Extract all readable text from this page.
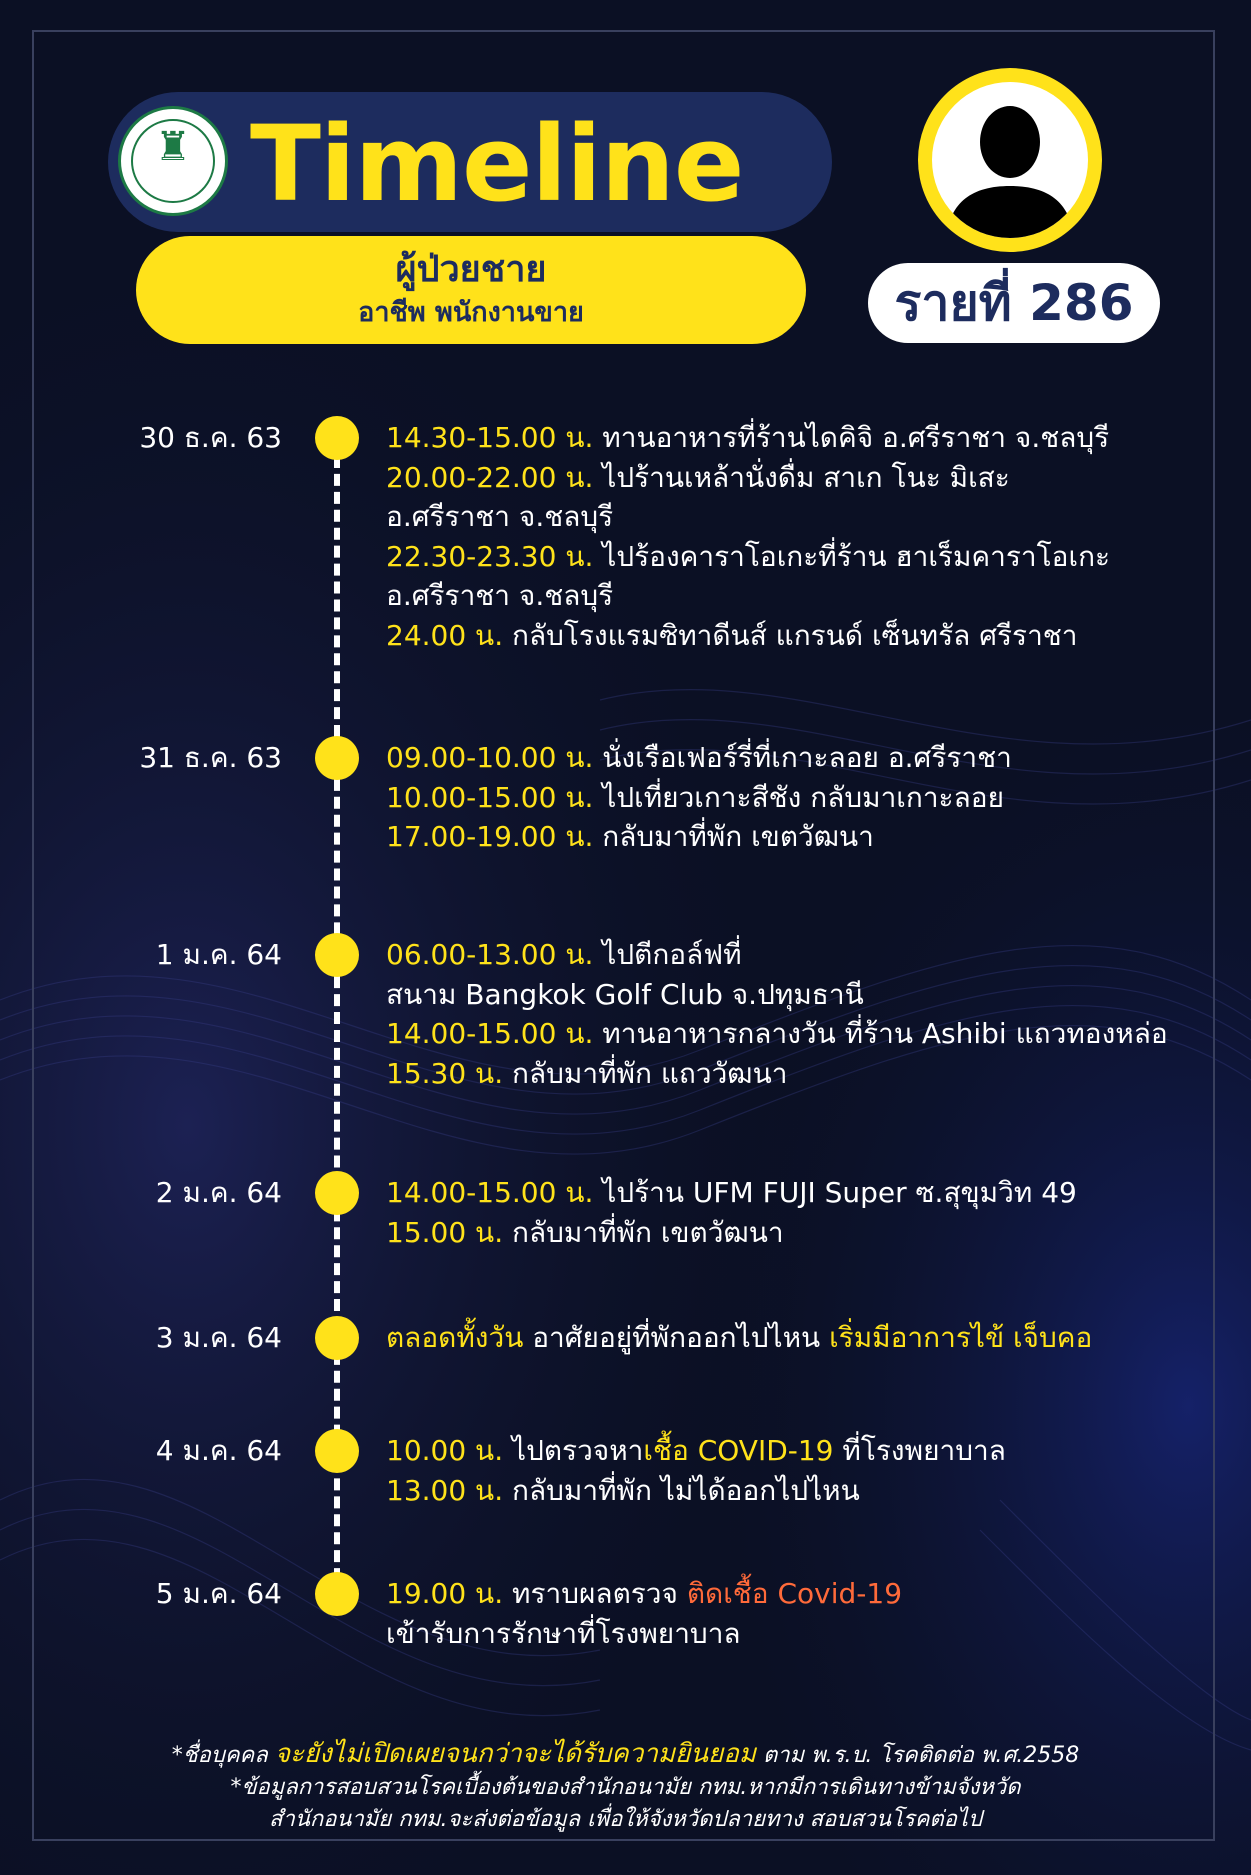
♜ Timeline
ผู้ป่วยชาย
อาชีพ พนักงานขาย	รายที่ 286
30 ธ.ค. 63	14.30-15.00 น. ทานอาหารที่ร้านไดคิจิ อ.ศรีราชา จ.ชลบุรี
20.00-22.00 น. ไปร้านเหล้านั่งดื่ม สาเก โนะ มิเสะ
อ.ศรีราชา จ.ชลบุรี
22.30-23.30 น. ไปร้องคาราโอเกะที่ร้าน ฮาเร็มคาราโอเกะ
อ.ศรีราชา จ.ชลบุรี
24.00 น. กลับโรงแรมซิทาดีนส์ แกรนด์ เซ็นทรัล ศรีราชา
31 ธ.ค. 63	09.00-10.00 น. นั่งเรือเฟอร์รี่ที่เกาะลอย อ.ศรีราชา
10.00-15.00 น. ไปเที่ยวเกาะสีชัง กลับมาเกาะลอย
17.00-19.00 น. กลับมาที่พัก เขตวัฒนา
1 ม.ค. 64	06.00-13.00 น. ไปตีกอล์ฟที่
สนาม Bangkok Golf Club จ.ปทุมธานี
14.00-15.00 น. ทานอาหารกลางวัน ที่ร้าน Ashibi แถวทองหล่อ
15.30 น. กลับมาที่พัก แถววัฒนา
2 ม.ค. 64	14.00-15.00 น. ไปร้าน UFM FUJI Super ซ.สุขุมวิท 49
15.00 น. กลับมาที่พัก เขตวัฒนา
3 ม.ค. 64	ตลอดทั้งวัน อาศัยอยู่ที่พักออกไปไหน เริ่มมีอาการไข้ เจ็บคอ
4 ม.ค. 64	10.00 น. ไปตรวจหาเชื้อ COVID-19 ที่โรงพยาบาล
13.00 น. กลับมาที่พัก ไม่ได้ออกไปไหน
5 ม.ค. 64	19.00 น. ทราบผลตรวจ ติดเชื้อ Covid-19
เข้ารับการรักษาที่โรงพยาบาล
*ชื่อบุคคล จะยังไม่เปิดเผยจนกว่าจะได้รับความยินยอม ตาม พ.ร.บ. โรคติดต่อ พ.ศ.2558
*ข้อมูลการสอบสวนโรคเบื้องต้นของสำนักอนามัย กทม.หากมีการเดินทางข้ามจังหวัด
สำนักอนามัย กทม.จะส่งต่อข้อมูล เพื่อให้จังหวัดปลายทาง สอบสวนโรคต่อไป
